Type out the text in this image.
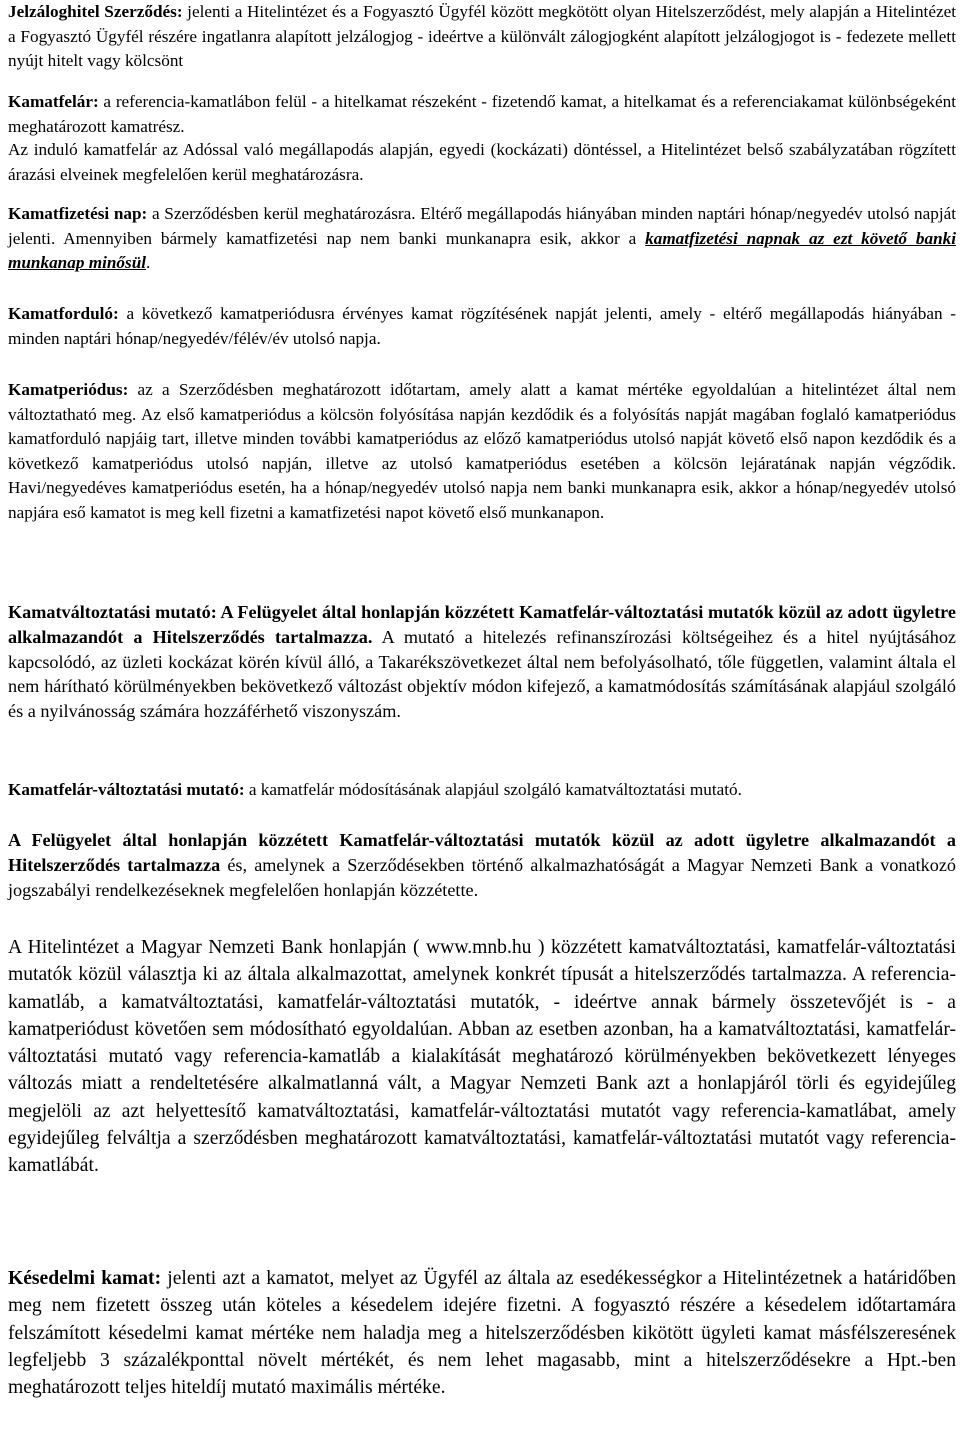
Jelzáloghitel Szerződés: jelenti a Hitelintézet és a Fogyasztó Ügyfél között megkötött olyan Hitelszerződést, mely alapján a Hitelintézet a Fogyasztó Ügyfél részére ingatlanra alapított jelzálogjog - ideértve a különvált zálogjogként alapított jelzálogjogot is - fedezete mellett nyújt hitelt vagy kölcsönt

Kamatfelár: a referencia-kamatlábon felül - a hitelkamat részeként - fizetendő kamat, a hitelkamat és a referenciakamat különbségeként meghatározott kamatrész.

Az induló kamatfelár az Adóssal való megállapodás alapján, egyedi (kockázati) döntéssel, a Hitelintézet belső szabályzatában rögzített árazási elveinek megfelelően kerül meghatározásra.

Kamatfizetési nap: a Szerződésben kerül meghatározásra. Eltérő megállapodás hiányában minden naptári hónap/negyedév utolsó napját jelenti. Amennyiben bármely kamatfizetési nap nem banki munkanapra esik, akkor a kamatfizetési napnak az ezt követő banki munkanap minősül.

Kamatforduló: a következő kamatperiódusra érvényes kamat rögzítésének napját jelenti, amely - eltérő megállapodás hiányában - minden naptári hónap/negyedév/félév/év utolsó napja.

Kamatperiódus: az a Szerződésben meghatározott időtartam, amely alatt a kamat mértéke egyoldalúan a hitelintézet által nem változtatható meg. Az első kamatperiódus a kölcsön folyósítása napján kezdődik és a folyósítás napját magában foglaló kamatperiódus kamatforduló napjáig tart, illetve minden további kamatperiódus az előző kamatperiódus utolsó napját követő első napon kezdődik és a következő kamatperiódus utolsó napján, illetve az utolsó kamatperiódus esetében a kölcsön lejáratának napján végződik. Havi/negyedéves kamatperiódus esetén, ha a hónap/negyedév utolsó napja nem banki munkanapra esik, akkor a hónap/negyedév utolsó napjára eső kamatot is meg kell fizetni a kamatfizetési napot követő első munkanapon.

Kamatváltoztatási mutató: A Felügyelet által honlapján közzétett Kamatfelár-változtatási mutatók közül az adott ügyletre alkalmazandót a Hitelszerződés tartalmazza. A mutató a hitelezés refinanszírozási költségeihez és a hitel nyújtásához kapcsolódó, az üzleti kockázat körén kívül álló, a Takarékszövetkezet által nem befolyásolható, tőle független, valamint általa el nem hárítható körülményekben bekövetkező változást objektív módon kifejező, a kamatmódosítás számításának alapjául szolgáló és a nyilvánosság számára hozzáférhető viszonyszám.

Kamatfelár-változtatási mutató: a kamatfelár módosításának alapjául szolgáló kamatváltoztatási mutató.

A Felügyelet által honlapján közzétett Kamatfelár-változtatási mutatók közül az adott ügyletre alkalmazandót a Hitelszerződés tartalmazza és, amelynek a Szerződésekben történő alkalmazhatóságát a Magyar Nemzeti Bank a vonatkozó jogszabályi rendelkezéseknek megfelelően honlapján közzétette.

A Hitelintézet a Magyar Nemzeti Bank honlapján ( www.mnb.hu ) közzétett kamatváltoztatási, kamatfelár-változtatási mutatók közül választja ki az általa alkalmazottat, amelynek konkrét típusát a hitelszerződés tartalmazza. A referencia-kamatláb, a kamatváltoztatási, kamatfelár-változtatási mutatók, - ideértve annak bármely összetevőjét is - a kamatperiódust követően sem módosítható egyoldalúan. Abban az esetben azonban, ha a kamatváltoztatási, kamatfelár-változtatási mutató vagy referencia-kamatláb a kialakítását meghatározó körülményekben bekövetkezett lényeges változás miatt a rendeltetésére alkalmatlanná vált, a Magyar Nemzeti Bank azt a honlapjáról törli és egyidejűleg megjelöli az azt helyettesítő kamatváltoztatási, kamatfelár-változtatási mutatót vagy referencia-kamatlábat, amely egyidejűleg felváltja a szerződésben meghatározott kamatváltoztatási, kamatfelár-változtatási mutatót vagy referencia-kamatlábát.

Késedelmi kamat: jelenti azt a kamatot, melyet az Ügyfél az általa az esedékességkor a Hitelintézetnek a határidőben meg nem fizetett összeg után köteles a késedelem idejére fizetni. A fogyasztó részére a késedelem időtartamára felszámított késedelmi kamat mértéke nem haladja meg a hitelszerződésben kikötött ügyleti kamat másfélszeresének legfeljebb 3 százalékponttal növelt mértékét, és nem lehet magasabb, mint a hitelszerződésekre a Hpt.-ben meghatározott teljes hiteldíj mutató maximális mértéke.
